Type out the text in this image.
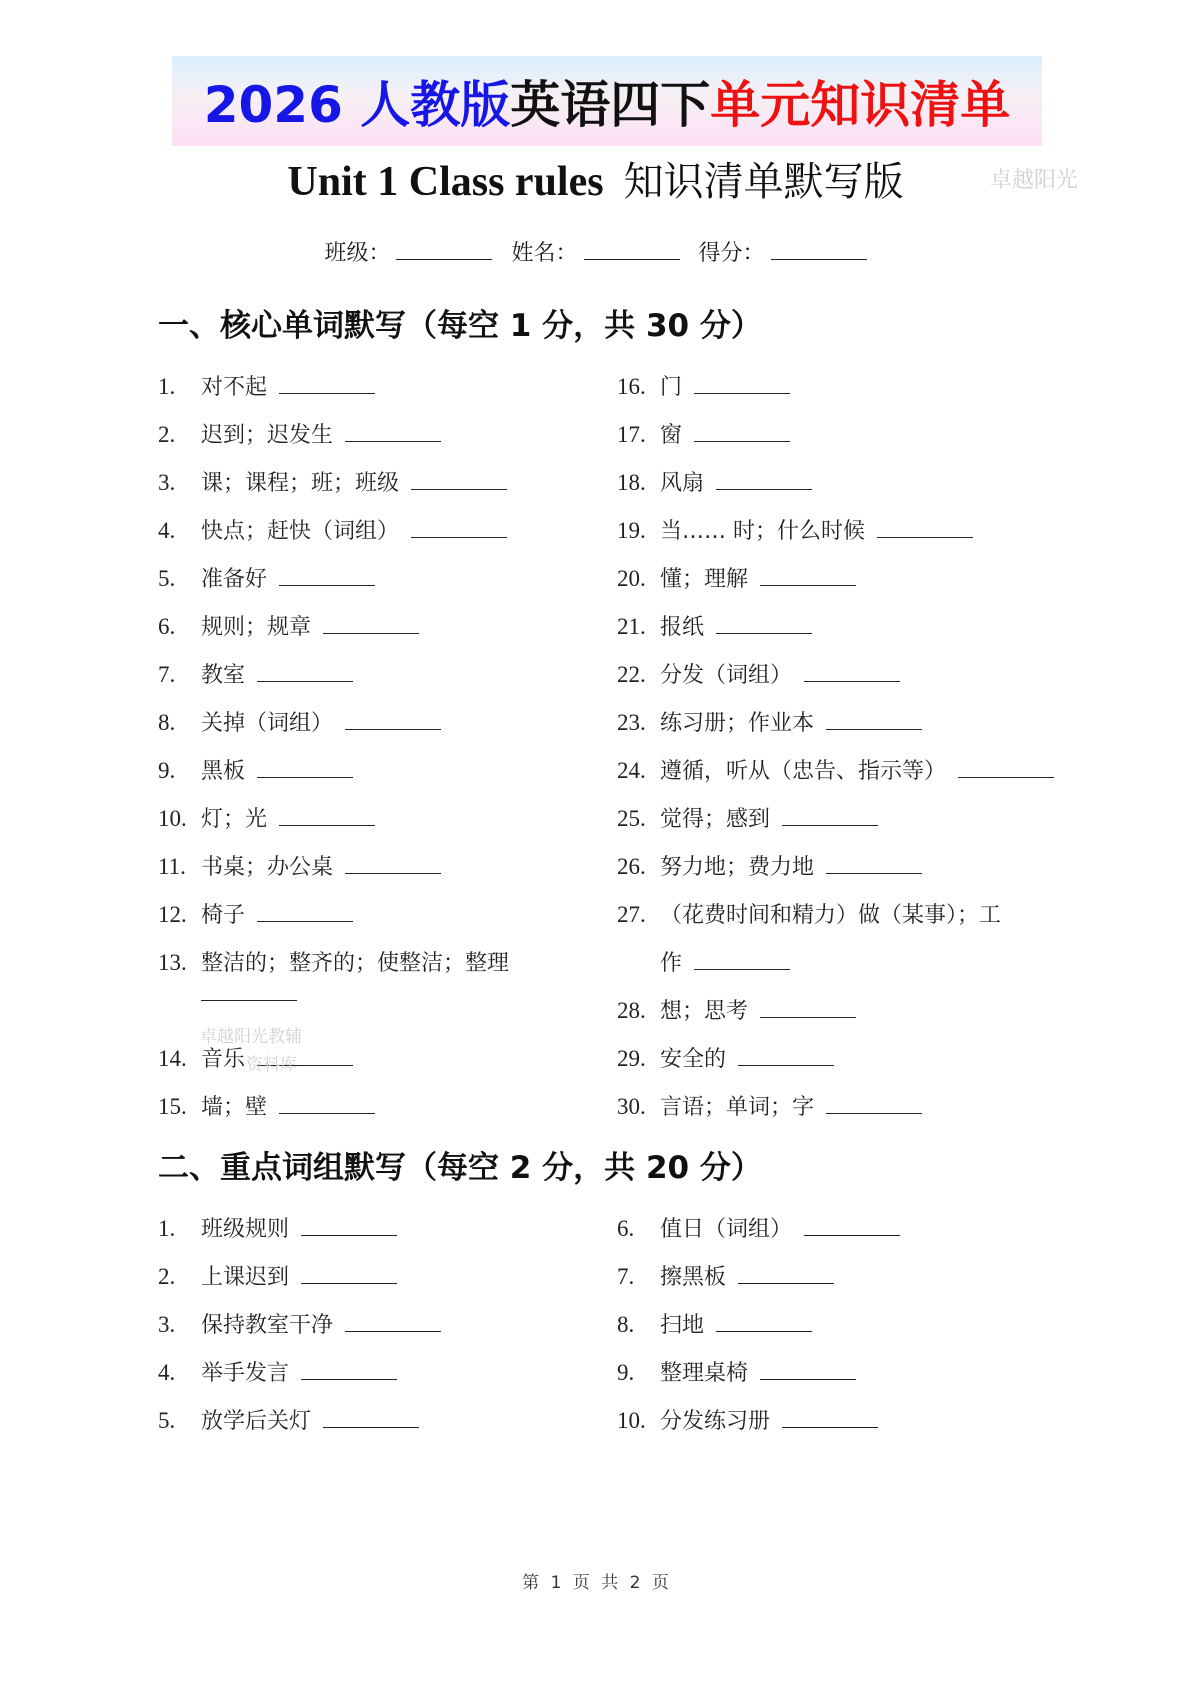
2026 人教版英语四下单元知识清单
Unit 1 Class rules 知识清单默写版	卓越阳光
班级：	姓名：	得分：
一、核心单词默写（每空 1 分，共 30 分）
1. 对不起
2. 迟到；迟发生
3. 课；课程；班；班级
4. 快点；赶快（词组）
5. 准备好
6. 规则；规章
7. 教室
8. 关掉（词组）
9. 黑板
10. 灯；光
11. 书桌；办公桌
12. 椅子
13. 整洁的；整齐的；使整洁；整理
14. 音乐
15. 墙；壁
16. 门
17. 窗
18. 风扇
19. 当…… 时；什么时候
20. 懂；理解
21. 报纸
22. 分发（词组）
23. 练习册；作业本
24. 遵循，听从（忠告、指示等）
25. 觉得；感到
26. 努力地；费力地
27. （花费时间和精力）做（某事）；工
作
28. 想；思考
29. 安全的
30. 言语；单词；字
卓越阳光教辅
资料库
二、重点词组默写（每空 2 分，共 20 分）
1. 班级规则
2. 上课迟到
3. 保持教室干净
4. 举手发言
5. 放学后关灯
6. 值日（词组）
7. 擦黑板
8. 扫地
9. 整理桌椅
10. 分发练习册
第 1 页 共 2 页
